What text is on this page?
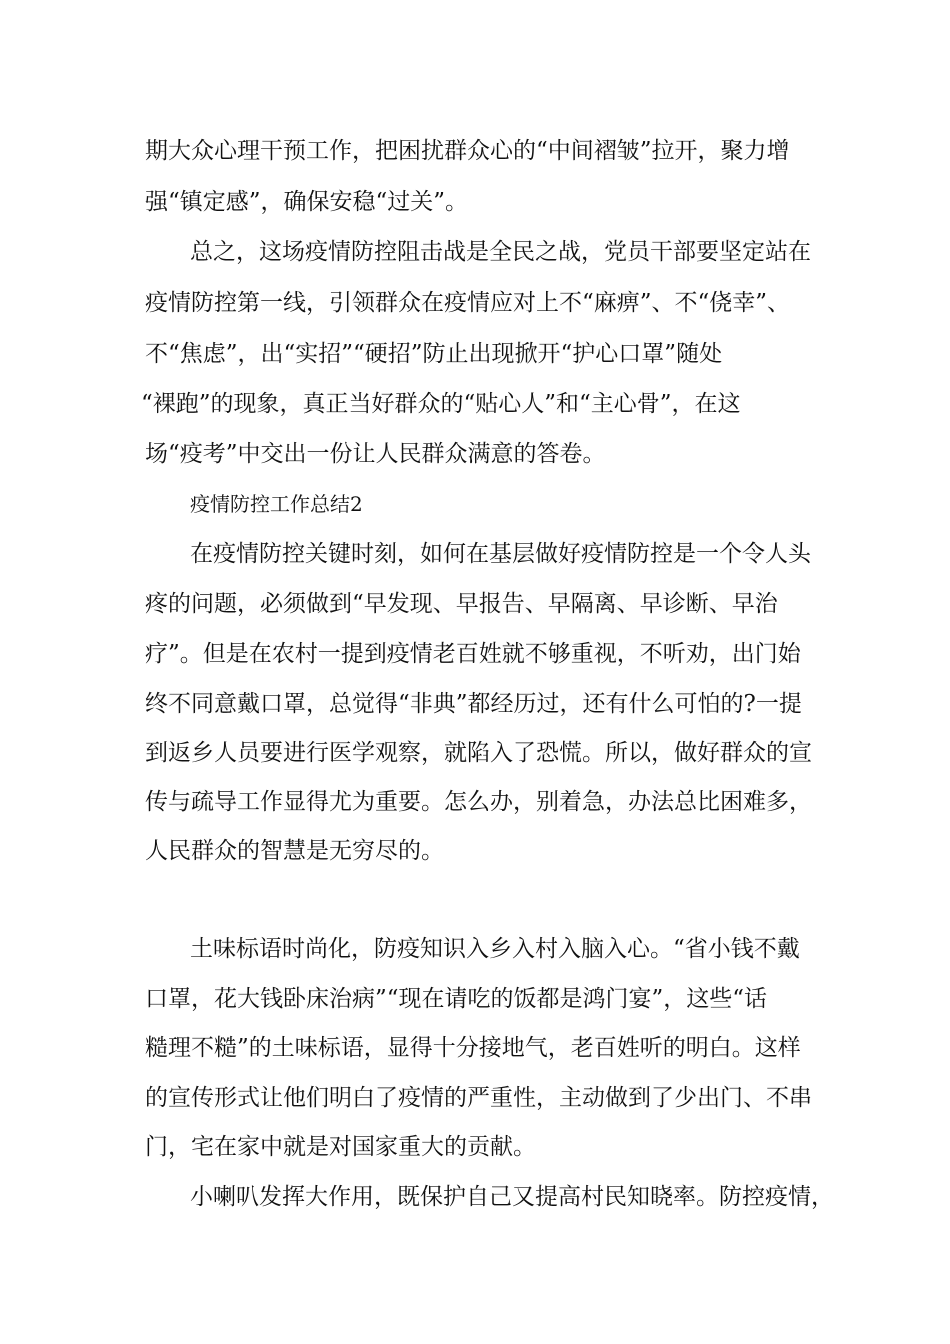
期大众心理干预工作，把困扰群众心的“中间褶皱”拉开，聚力增
强“镇定感”，确保安稳“过关”。
总之，这场疫情防控阻击战是全民之战，党员干部要坚定站在
疫情防控第一线，引领群众在疫情应对上不“麻痹”、不“侥幸”、
不“焦虑”，出“实招”“硬招”防止出现掀开“护心口罩”随处
“裸跑”的现象，真正当好群众的“贴心人”和“主心骨”，在这
场“疫考”中交出一份让人民群众满意的答卷。
疫情防控工作总结2
在疫情防控关键时刻，如何在基层做好疫情防控是一个令人头
疼的问题，必须做到“早发现、早报告、早隔离、早诊断、早治
疗”。但是在农村一提到疫情老百姓就不够重视，不听劝，出门始
终不同意戴口罩，总觉得“非典”都经历过，还有什么可怕的?一提
到返乡人员要进行医学观察，就陷入了恐慌。所以，做好群众的宣
传与疏导工作显得尤为重要。怎么办，别着急，办法总比困难多，
人民群众的智慧是无穷尽的。
土味标语时尚化，防疫知识入乡入村入脑入心。“省小钱不戴
口罩，花大钱卧床治病”“现在请吃的饭都是鸿门宴”，这些“话
糙理不糙”的土味标语，显得十分接地气，老百姓听的明白。这样
的宣传形式让他们明白了疫情的严重性，主动做到了少出门、不串
门，宅在家中就是对国家重大的贡献。
小喇叭发挥大作用，既保护自己又提高村民知晓率。防控疫情，
